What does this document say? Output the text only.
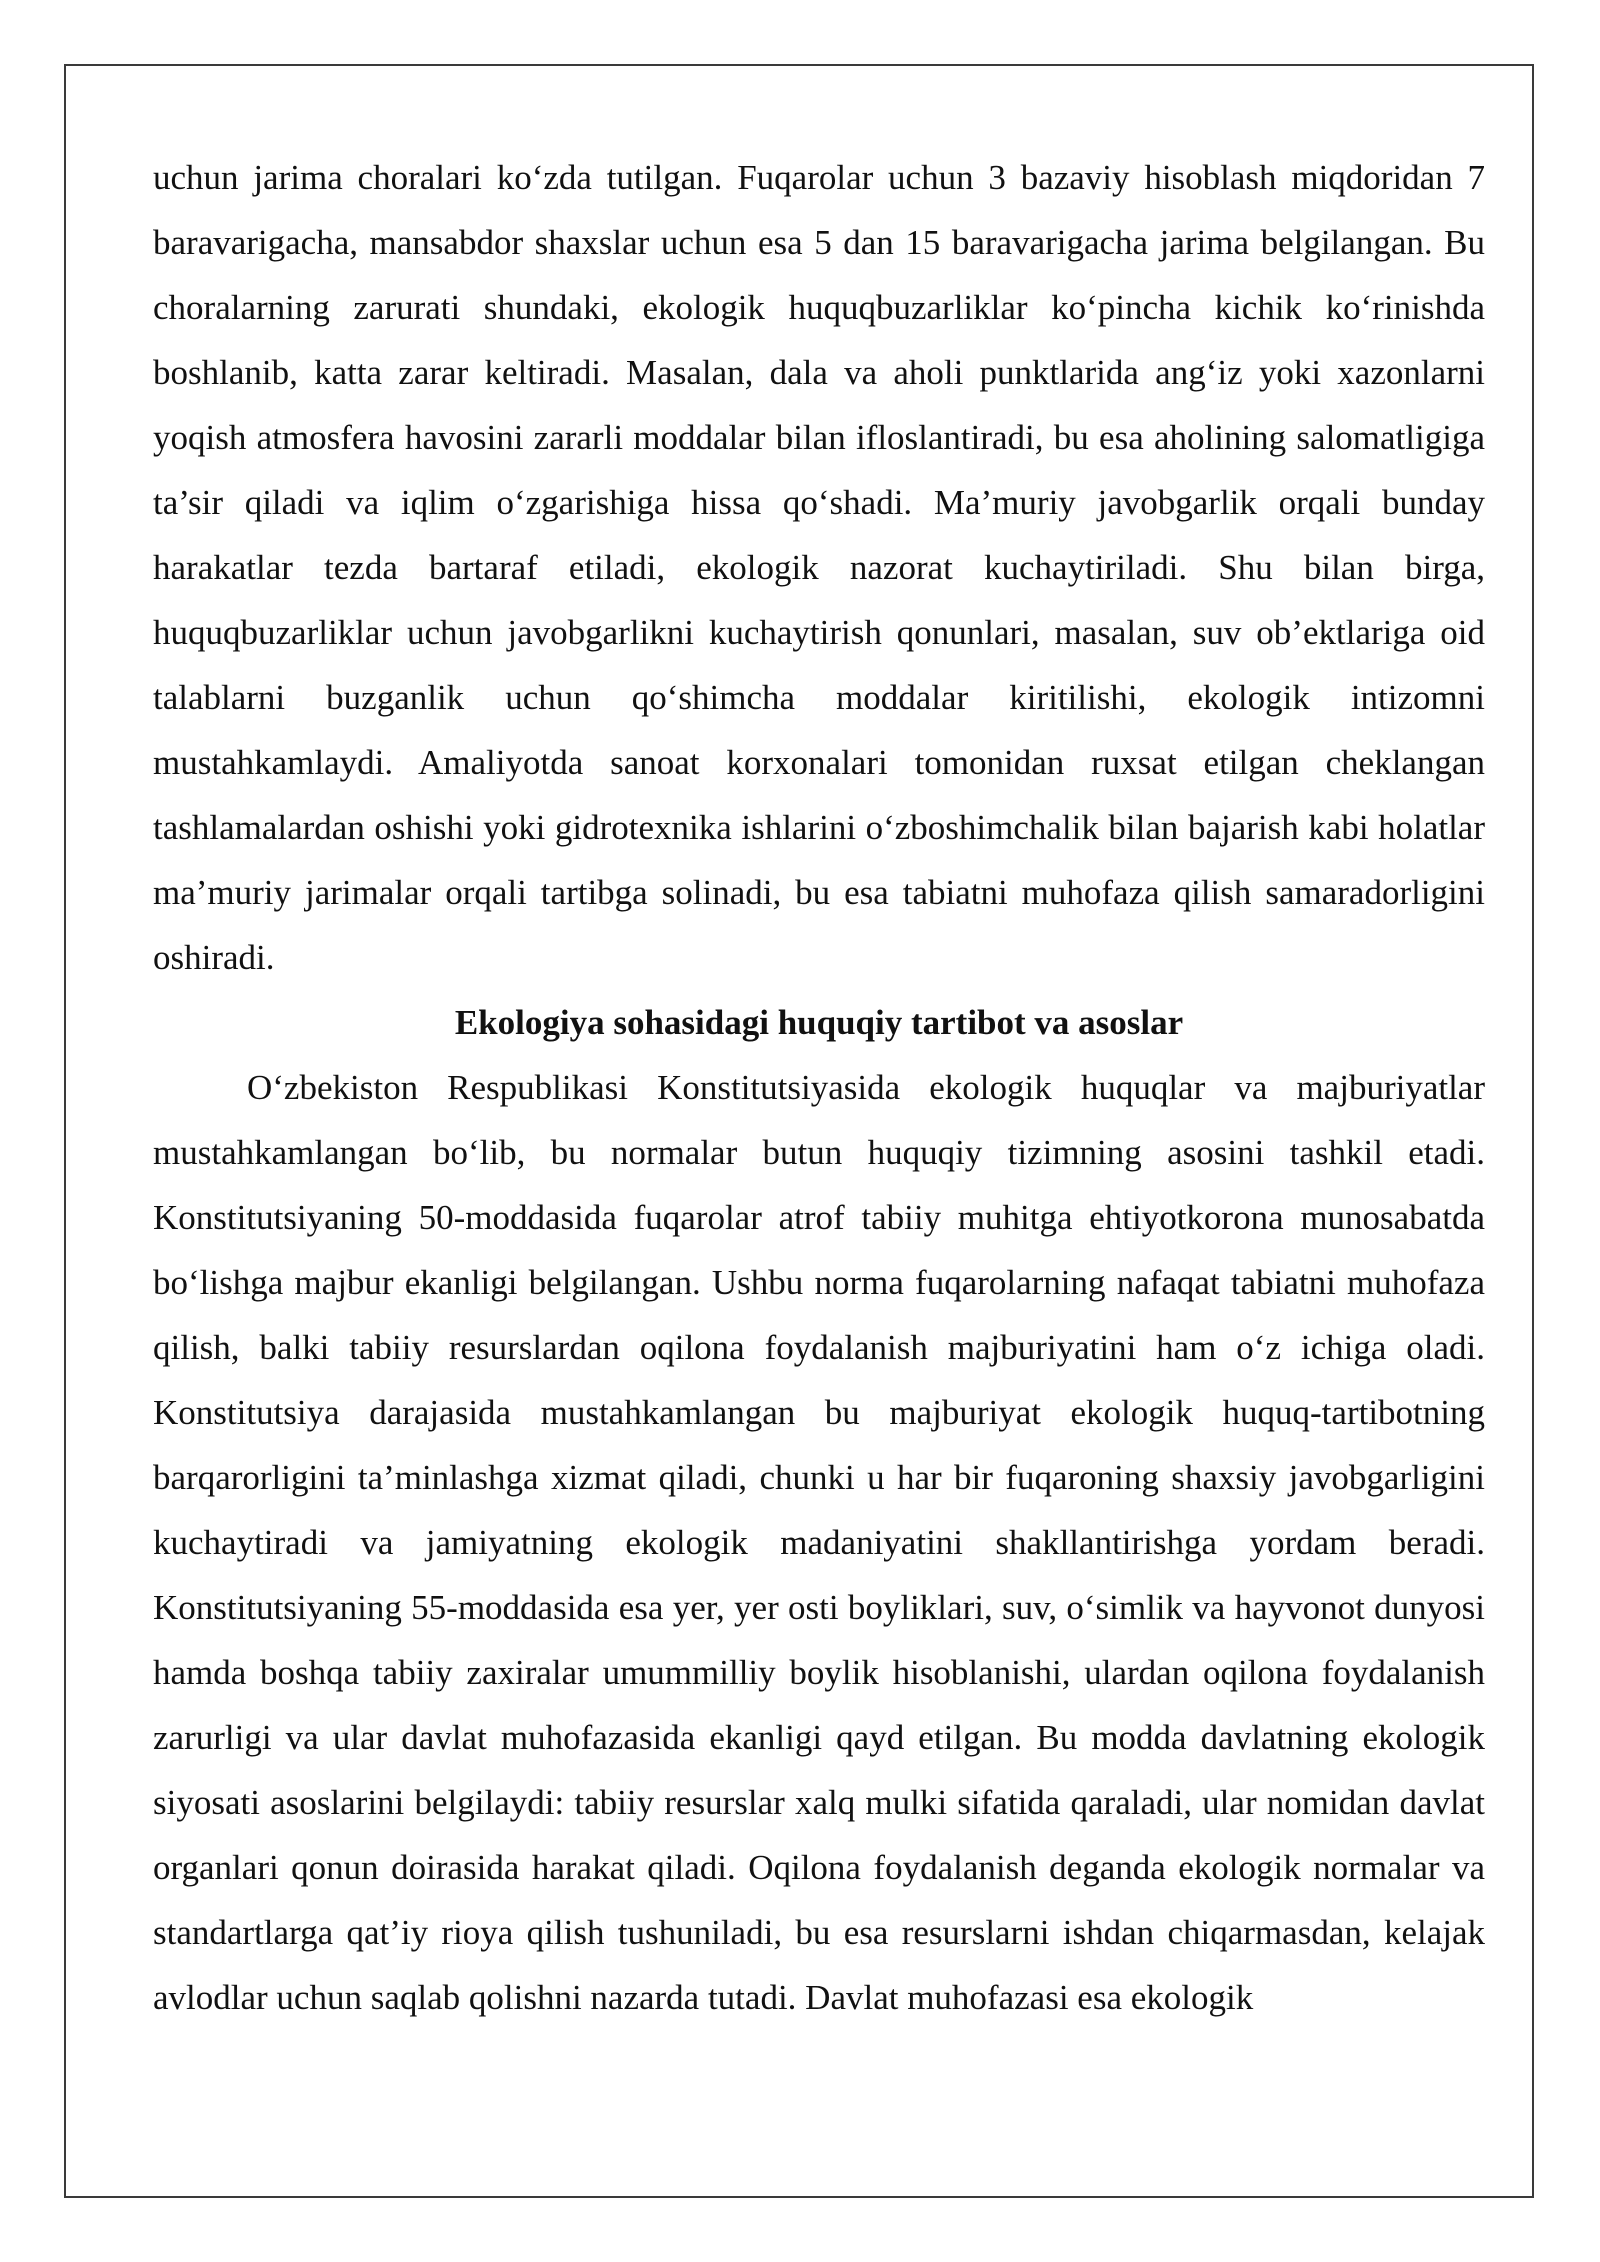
uchun jarima choralari ko‘zda tutilgan. Fuqarolar uchun 3 bazaviy hisoblash miqdoridan 7 baravarigacha, mansabdor shaxslar uchun esa 5 dan 15 baravarigacha jarima belgilangan. Bu choralarning zarurati shundaki, ekologik huquqbuzarliklar ko‘pincha kichik ko‘rinishda boshlanib, katta zarar keltiradi. Masalan, dala va aholi punktlarida ang‘iz yoki xazonlarni yoqish atmosfera havosini zararli moddalar bilan ifloslantiradi, bu esa aholining salomatligiga ta’sir qiladi va iqlim o‘zgarishiga hissa qo‘shadi. Ma’muriy javobgarlik orqali bunday harakatlar tezda bartaraf etiladi, ekologik nazorat kuchaytiriladi. Shu bilan birga, huquqbuzarliklar uchun javobgarlikni kuchaytirish qonunlari, masalan, suv ob’ektlariga oid talablarni buzganlik uchun qo‘shimcha moddalar kiritilishi, ekologik intizomni mustahkamlaydi. Amaliyotda sanoat korxonalari tomonidan ruxsat etilgan cheklangan tashlamalardan oshishi yoki gidrotexnika ishlarini o‘zboshimchalik bilan bajarish kabi holatlar ma’muriy jarimalar orqali tartibga solinadi, bu esa tabiatni muhofaza qilish samaradorligini oshiradi.

Ekologiya sohasidagi huquqiy tartibot va asoslar

O‘zbekiston Respublikasi Konstitutsiyasida ekologik huquqlar va majburiyatlar mustahkamlangan bo‘lib, bu normalar butun huquqiy tizimning asosini tashkil etadi. Konstitutsiyaning 50-moddasida fuqarolar atrof tabiiy muhitga ehtiyotkorona munosabatda bo‘lishga majbur ekanligi belgilangan. Ushbu norma fuqarolarning nafaqat tabiatni muhofaza qilish, balki tabiiy resurslardan oqilona foydalanish majburiyatini ham o‘z ichiga oladi. Konstitutsiya darajasida mustahkamlangan bu majburiyat ekologik huquq-tartibotning barqarorligini ta’minlashga xizmat qiladi, chunki u har bir fuqaroning shaxsiy javobgarligini kuchaytiradi va jamiyatning ekologik madaniyatini shakllantirishga yordam beradi. Konstitutsiyaning 55-moddasida esa yer, yer osti boyliklari, suv, o‘simlik va hayvonot dunyosi hamda boshqa tabiiy zaxiralar umummilliy boylik hisoblanishi, ulardan oqilona foydalanish zarurligi va ular davlat muhofazasida ekanligi qayd etilgan. Bu modda davlatning ekologik siyosati asoslarini belgilaydi: tabiiy resurslar xalq mulki sifatida qaraladi, ular nomidan davlat organlari qonun doirasida harakat qiladi. Oqilona foydalanish deganda ekologik normalar va standartlarga qat’iy rioya qilish tushuniladi, bu esa resurslarni ishdan chiqarmasdan, kelajak avlodlar uchun saqlab qolishni nazarda tutadi. Davlat muhofazasi esa ekologik
